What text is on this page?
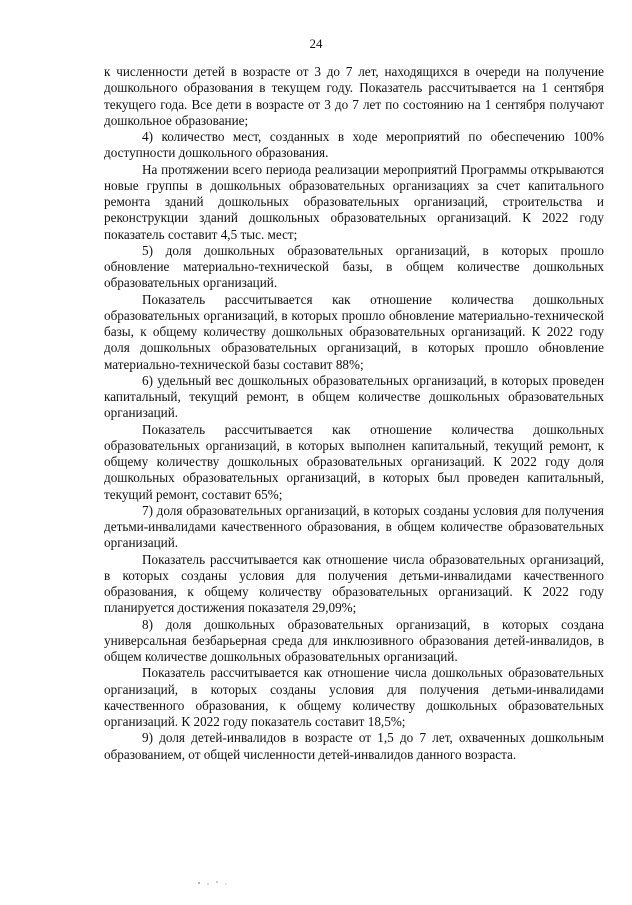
24

к численности детей в возрасте от 3 до 7 лет, находящихся в очереди на получение дошкольного образования в текущем году. Показатель рассчитывается на 1 сентября текущего года. Все дети в возрасте от 3 до 7 лет по состоянию на 1 сентября получают дошкольное образование;

4) количество мест, созданных в ходе мероприятий по обеспечению 100% доступности дошкольного образования.

На протяжении всего периода реализации мероприятий Программы открываются новые группы в дошкольных образовательных организациях за счет капитального ремонта зданий дошкольных образовательных организаций, строительства и реконструкции зданий дошкольных образовательных организаций. К 2022 году показатель составит 4,5 тыс. мест;

5) доля дошкольных образовательных организаций, в которых прошло обновление материально-технической базы, в общем количестве дошкольных образовательных организаций.

Показатель рассчитывается как отношение количества дошкольных образовательных организаций, в которых прошло обновление материально-технической базы, к общему количеству дошкольных образовательных организаций. К 2022 году доля дошкольных образовательных организаций, в которых прошло обновление материально-технической базы составит 88%;

6) удельный вес дошкольных образовательных организаций, в которых проведен капитальный, текущий ремонт, в общем количестве дошкольных образовательных организаций.

Показатель рассчитывается как отношение количества дошкольных образовательных организаций, в которых выполнен капитальный, текущий ремонт, к общему количеству дошкольных образовательных организаций. К 2022 году доля дошкольных образовательных организаций, в которых был проведен капитальный, текущий ремонт, составит 65%;

7) доля образовательных организаций, в которых созданы условия для получения детьми-инвалидами качественного образования, в общем количестве образовательных организаций.

Показатель рассчитывается как отношение числа образовательных организаций, в которых созданы условия для получения детьми-инвалидами качественного образования, к общему количеству образовательных организаций. К 2022 году планируется достижения показателя 29,09%;

8) доля дошкольных образовательных организаций, в которых создана универсальная безбарьерная среда для инклюзивного образования детей-инвалидов, в общем количестве дошкольных образовательных организаций.

Показатель рассчитывается как отношение числа дошкольных образовательных организаций, в которых созданы условия для получения детьми-инвалидами качественного образования, к общему количеству дошкольных образовательных организаций. К 2022 году показатель составит 18,5%;

9) доля детей-инвалидов в возрасте от 1,5 до 7 лет, охваченных дошкольным образованием, от общей численности детей-инвалидов данного возраста.
